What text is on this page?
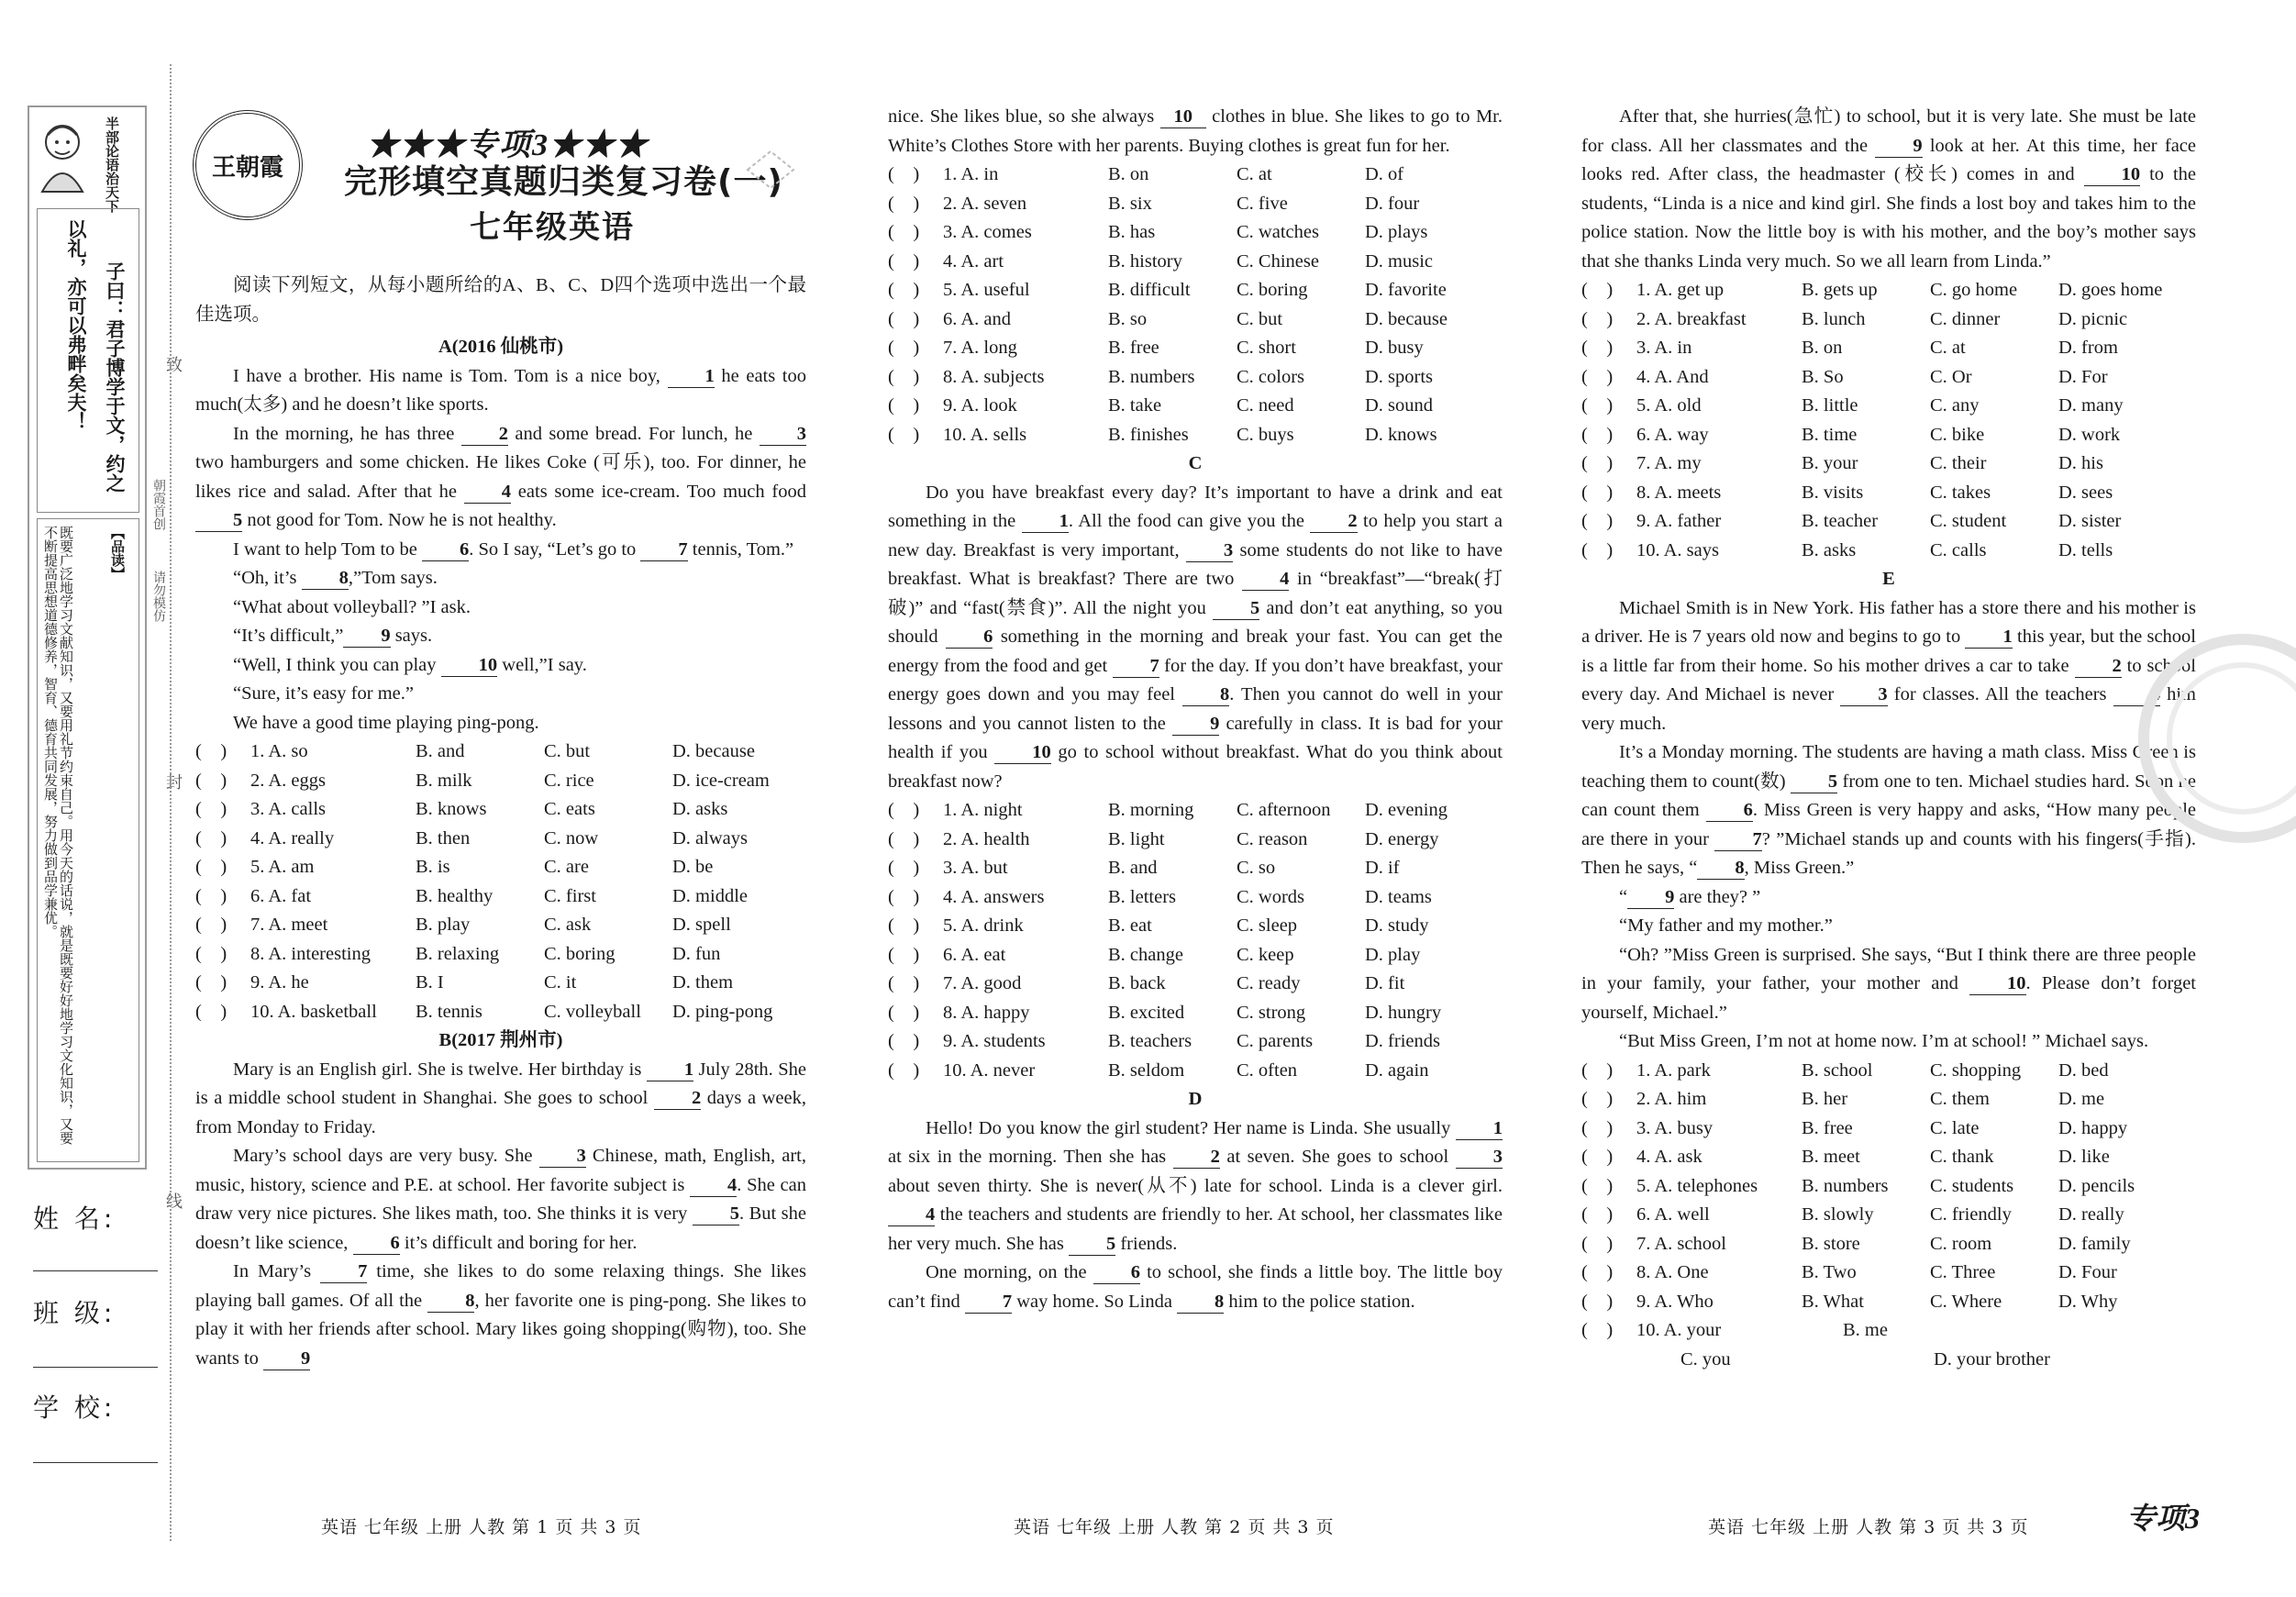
半部论语治天下
子曰：君子博学于文，约之
以礼，亦可以弗畔矣夫！
【品读】
既要广泛地学习文献知识，又要用礼节约束自己。用今天的话说，就是既要好好地学习文化知识，又要不断提高思想道德修养，智育、德育共同发展，努力做到品学兼优。
朝霞首创
请勿模仿
致
封
线
姓 名:
班 级:
学 校:
王朝霞
★★★专项3★★★
完形填空真题归类复习卷(一)
七年级英语

阅读下列短文，从每小题所给的A、B、C、D四个选项中选出一个最佳选项。

A(2016 仙桃市)

I have a brother. His name is Tom. Tom is a nice boy, 1 he eats too much(太多) and he doesn’t like sports.

In the morning, he has three 2 and some bread. For lunch, he 3 two hamburgers and some chicken. He likes Coke (可乐), too. For dinner, he likes rice and salad. After that he 4 eats some ice-cream. Too much food 5 not good for Tom. Now he is not healthy.

I want to help Tom to be 6. So I say, “Let’s go to 7 tennis, Tom.”

“Oh, it’s 8,”Tom says.

“What about volleyball? ”I ask.

“It’s difficult,” 9 says.

“Well, I think you can play 10 well,”I say.

“Sure, it’s easy for me.”

We have a good time playing ping-pong.

(    )	1. A. so	B. and	C. but	D. because
(    )	2. A. eggs	B. milk	C. rice	D. ice-cream
(    )	3. A. calls	B. knows	C. eats	D. asks
(    )	4. A. really	B. then	C. now	D. always
(    )	5. A. am	B. is	C. are	D. be
(    )	6. A. fat	B. healthy	C. first	D. middle
(    )	7. A. meet	B. play	C. ask	D. spell
(    )	8. A. interesting	B. relaxing	C. boring	D. fun
(    )	9. A. he	B. I	C. it	D. them
(    )	10. A. basketball	B. tennis	C. volleyball	D. ping-pong

B(2017 荆州市)

Mary is an English girl. She is twelve. Her birthday is 1 July 28th. She is a middle school student in Shanghai. She goes to school 2 days a week, from Monday to Friday.

Mary’s school days are very busy. She 3 Chinese, math, English, art, music, history, science and P.E. at school. Her favorite subject is 4. She can draw very nice pictures. She likes math, too. She thinks it is very 5. But she doesn’t like science, 6 it’s difficult and boring for her.

In Mary’s 7 time, she likes to do some relaxing things. She likes playing ball games. Of all the 8, her favorite one is ping-pong. She likes to play it with her friends after school. Mary likes going shopping(购物), too. She wants to 9

nice. She likes blue, so she always 10 clothes in blue. She likes to go to Mr. White’s Clothes Store with her parents. Buying clothes is great fun for her.

(    )	1. A. in	B. on	C. at	D. of
(    )	2. A. seven	B. six	C. five	D. four
(    )	3. A. comes	B. has	C. watches	D. plays
(    )	4. A. art	B. history	C. Chinese	D. music
(    )	5. A. useful	B. difficult	C. boring	D. favorite
(    )	6. A. and	B. so	C. but	D. because
(    )	7. A. long	B. free	C. short	D. busy
(    )	8. A. subjects	B. numbers	C. colors	D. sports
(    )	9. A. look	B. take	C. need	D. sound
(    )	10. A. sells	B. finishes	C. buys	D. knows

C

Do you have breakfast every day? It’s important to have a drink and eat something in the 1. All the food can give you the 2 to help you start a new day. Breakfast is very important, 3 some students do not like to have breakfast. What is breakfast? There are two 4 in “breakfast”—“break(打破)” and “fast(禁食)”. All the night you 5 and don’t eat anything, so you should 6 something in the morning and break your fast. You can get the energy from the food and get 7 for the day. If you don’t have breakfast, your energy goes down and you may feel 8. Then you cannot do well in your lessons and you cannot listen to the 9 carefully in class. It is bad for your health if you 10 go to school without breakfast. What do you think about breakfast now?

(    )	1. A. night	B. morning	C. afternoon	D. evening
(    )	2. A. health	B. light	C. reason	D. energy
(    )	3. A. but	B. and	C. so	D. if
(    )	4. A. answers	B. letters	C. words	D. teams
(    )	5. A. drink	B. eat	C. sleep	D. study
(    )	6. A. eat	B. change	C. keep	D. play
(    )	7. A. good	B. back	C. ready	D. fit
(    )	8. A. happy	B. excited	C. strong	D. hungry
(    )	9. A. students	B. teachers	C. parents	D. friends
(    )	10. A. never	B. seldom	C. often	D. again

D

Hello! Do you know the girl student? Her name is Linda. She usually 1 at six in the morning. Then she has 2 at seven. She goes to school 3 about seven thirty. She is never(从不) late for school. Linda is a clever girl. 4 the teachers and students are friendly to her. At school, her classmates like her very much. She has 5 friends.

One morning, on the 6 to school, she finds a little boy. The little boy can’t find 7 way home. So Linda 8 him to the police station.

After that, she hurries(急忙) to school, but it is very late. She must be late for class. All her classmates and the 9 look at her. At this time, her face looks red. After class, the headmaster (校长) comes in and 10 to the students, “Linda is a nice and kind girl. She finds a lost boy and takes him to the police station. Now the little boy is with his mother, and the boy’s mother says that she thanks Linda very much. So we all learn from Linda.”

(    )	1. A. get up	B. gets up	C. go home	D. goes home
(    )	2. A. breakfast	B. lunch	C. dinner	D. picnic
(    )	3. A. in	B. on	C. at	D. from
(    )	4. A. And	B. So	C. Or	D. For
(    )	5. A. old	B. little	C. any	D. many
(    )	6. A. way	B. time	C. bike	D. work
(    )	7. A. my	B. your	C. their	D. his
(    )	8. A. meets	B. visits	C. takes	D. sees
(    )	9. A. father	B. teacher	C. student	D. sister
(    )	10. A. says	B. asks	C. calls	D. tells

E

Michael Smith is in New York. His father has a store there and his mother is a driver. He is 7 years old now and begins to go to 1 this year, but the school is a little far from their home. So his mother drives a car to take 2 to school every day. And Michael is never 3 for classes. All the teachers 4 him very much.

It’s a Monday morning. The students are having a math class. Miss Green is teaching them to count(数) 5 from one to ten. Michael studies hard. Soon he can count them 6. Miss Green is very happy and asks, “How many people are there in your 7? ”Michael stands up and counts with his fingers(手指). Then he says, “ 8, Miss Green.”

“ 9 are they? ”

“My father and my mother.”

“Oh? ”Miss Green is surprised. She says, “But I think there are three people in your family, your father, your mother and 10. Please don’t forget yourself, Michael.”

“But Miss Green, I’m not at home now. I’m at school! ” Michael says.

(    )	1. A. park	B. school	C. shopping	D. bed
(    )	2. A. him	B. her	C. them	D. me
(    )	3. A. busy	B. free	C. late	D. happy
(    )	4. A. ask	B. meet	C. thank	D. like
(    )	5. A. telephones	B. numbers	C. students	D. pencils
(    )	6. A. well	B. slowly	C. friendly	D. really
(    )	7. A. school	B. store	C. room	D. family
(    )	8. A. One	B. Two	C. Three	D. Four
(    )	9. A. Who	B. What	C. Where	D. Why
(    )	10. A. your	B. me
C. you	D. your brother
英语 七年级 上册 人教 第 1 页 共 3 页	英语 七年级 上册 人教 第 2 页 共 3 页	英语 七年级 上册 人教 第 3 页 共 3 页	专项3
